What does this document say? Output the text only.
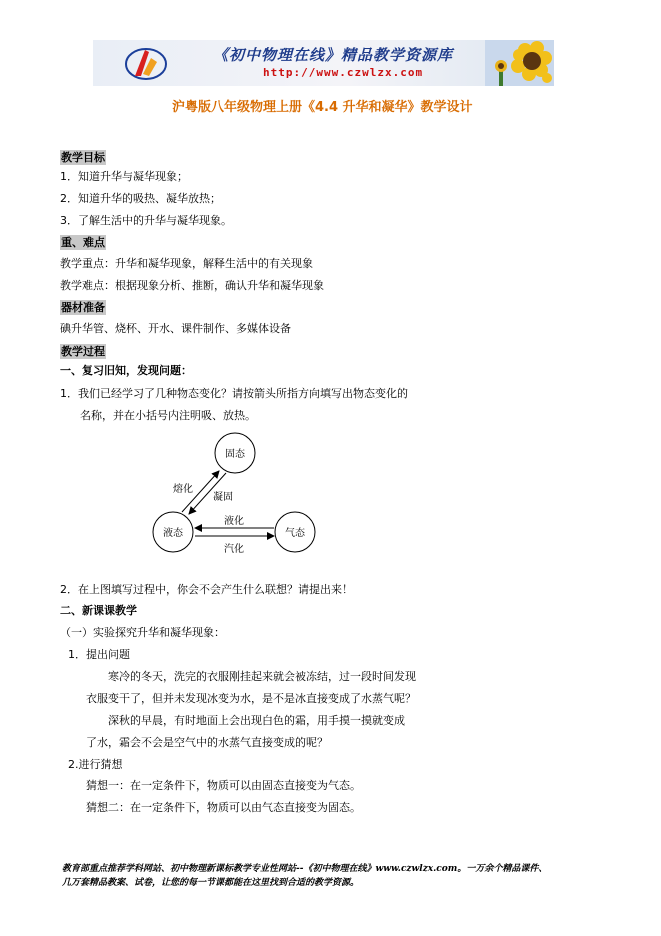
《初中物理在线》精品教学资源库
http://www.czwlzx.com
沪粤版八年级物理上册《4.4 升华和凝华》教学设计
教学目标
1．知道升华与凝华现象；
2．知道升华的吸热、凝华放热；
3．了解生活中的升华与凝华现象。
重、难点
教学重点：升华和凝华现象，解释生活中的有关现象
教学难点：根据现象分析、推断，确认升华和凝华现象
器材准备
碘升华管、烧杯、开水、课件制作、多媒体设备
教学过程
一、复习旧知，发现问题：
1．我们已经学习了几种物态变化？请按箭头所指方向填写出物态变化的
名称，并在小括号内注明吸、放热。
固态
液态	气态
熔化
凝固
液化
汽化
2．在上图填写过程中，你会不会产生什么联想？请提出来！
二、新课课教学
（一）实验探究升华和凝华现象：
1．提出问题
寒冷的冬天，洗完的衣服刚挂起来就会被冻结，过一段时间发现
衣服变干了，但并未发现冰变为水，是不是冰直接变成了水蒸气呢？
深秋的早晨，有时地面上会出现白色的霜，用手摸一摸就变成
了水，霜会不会是空气中的水蒸气直接变成的呢？
2.进行猜想
猜想一：在一定条件下，物质可以由固态直接变为气态。
猜想二：在一定条件下，物质可以由气态直接变为固态。
教育部重点推荐学科网站、初中物理新课标教学专业性网站--《初中物理在线》www.czwlzx.com。一万余个精品课件、
几万套精品教案、试卷，让您的每一节课都能在这里找到合适的教学资源。
